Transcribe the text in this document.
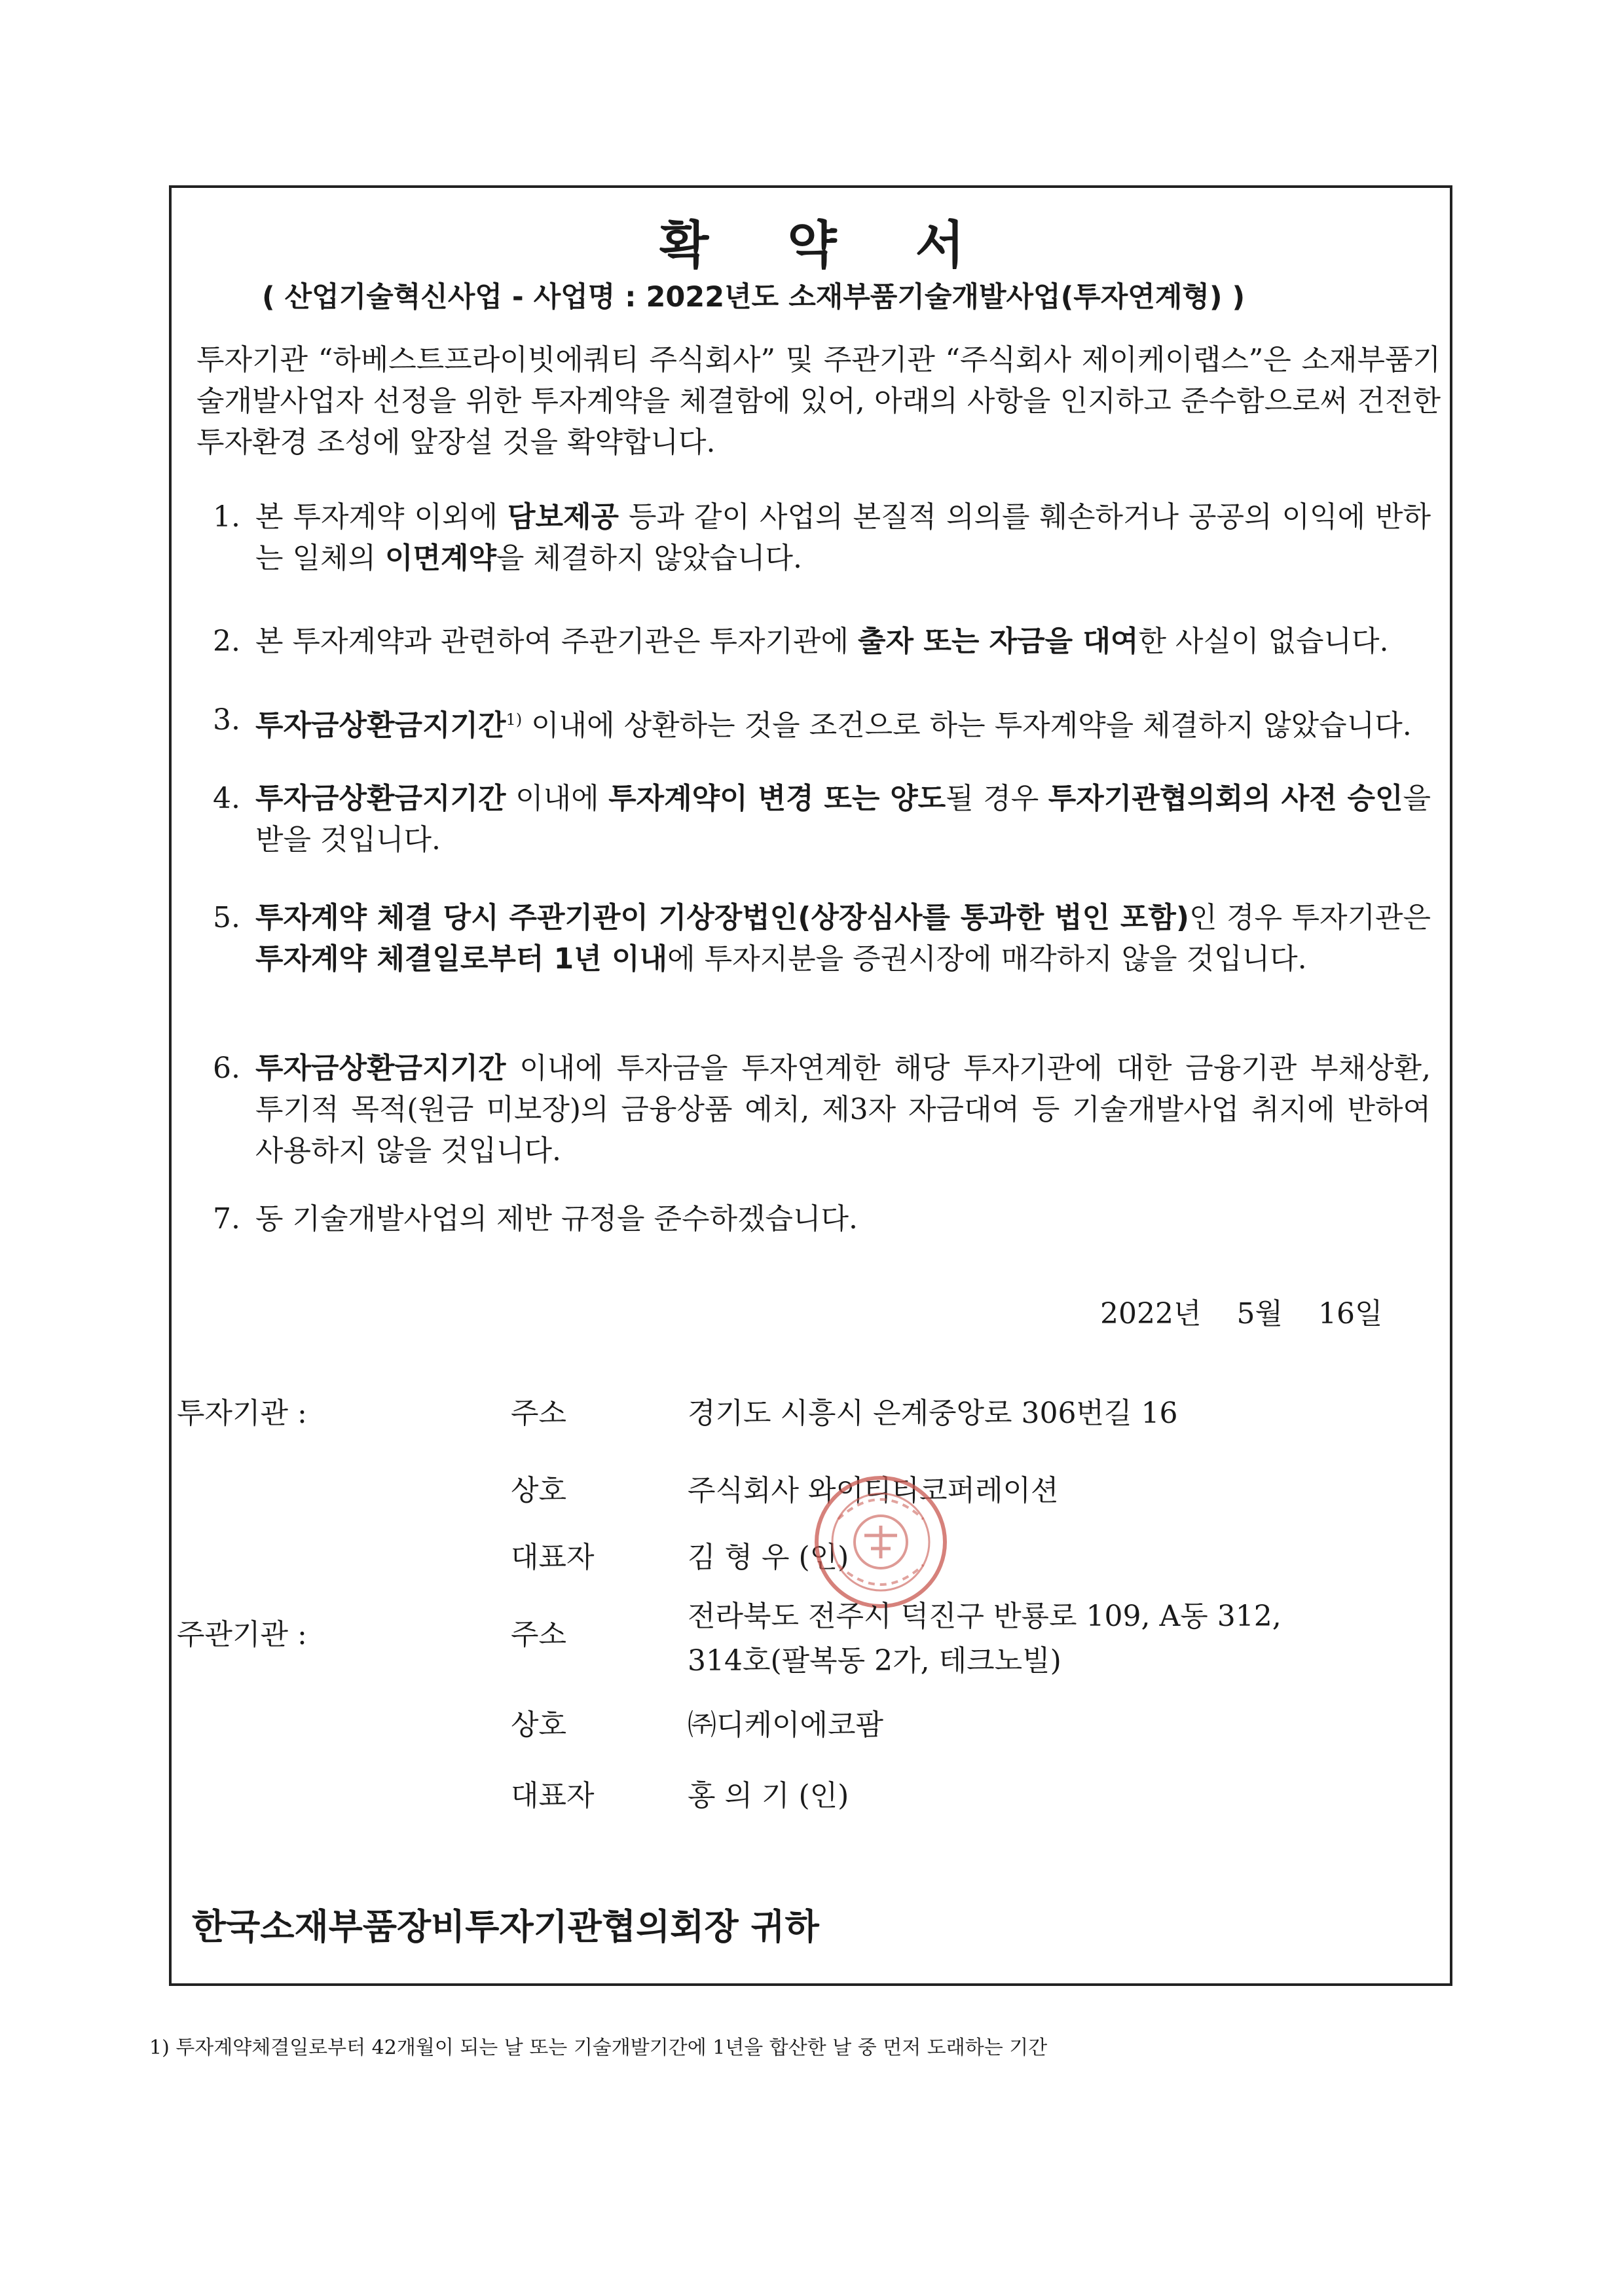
확 약 서
( 산업기술혁신사업 - 사업명 : 2022년도 소재부품기술개발사업(투자연계형) )
투자기관 “하베스트프라이빗에쿼티 주식회사” 및 주관기관 “주식회사 제이케이랩스”은 소재부품기술개발사업자 선정을 위한 투자계약을 체결함에 있어, 아래의 사항을 인지하고 준수함으로써 건전한 투자환경 조성에 앞장설 것을 확약합니다.
1. 본 투자계약 이외에 담보제공 등과 같이 사업의 본질적 의의를 훼손하거나 공공의 이익에 반하는 일체의 이면계약을 체결하지 않았습니다.
2. 본 투자계약과 관련하여 주관기관은 투자기관에 출자 또는 자금을 대여한 사실이 없습니다.
3. 투자금상환금지기간$^{1)}$ 이내에 상환하는 것을 조건으로 하는 투자계약을 체결하지 않았습니다.
4. 투자금상환금지기간 이내에 투자계약이 변경 또는 양도될 경우 투자기관협의회의 사전 승인을 받을 것입니다.
5. 투자계약 체결 당시 주관기관이 기상장법인(상장심사를 통과한 법인 포함)인 경우 투자기관은 투자계약 체결일로부터 1년 이내에 투자지분을 증권시장에 매각하지 않을 것입니다.
6. 투자금상환금지기간 이내에 투자금을 투자연계한 해당 투자기관에 대한 금융기관 부채상환, 투기적 목적(원금 미보장)의 금융상품 예치, 제3자 자금대여 등 기술개발사업 취지에 반하여 사용하지 않을 것입니다.
7. 동 기술개발사업의 제반 규정을 준수하겠습니다.
2022년 5월 16일
투자기관 :	주소	경기도 시흥시 은계중앙로 306번길 16
상호	주식회사 와이티티코퍼레이션
대표자	김 형 우 (인)
주관기관 :	주소
전라북도 전주시 덕진구 반룡로 109, A동 312,
314호(팔복동 2가, 테크노빌)
상호	㈜디케이에코팜
대표자	홍 의 기 (인)
한국소재부품장비투자기관협의회장 귀하
1) 투자계약체결일로부터 42개월이 되는 날 또는 기술개발기간에 1년을 합산한 날 중 먼저 도래하는 기간
